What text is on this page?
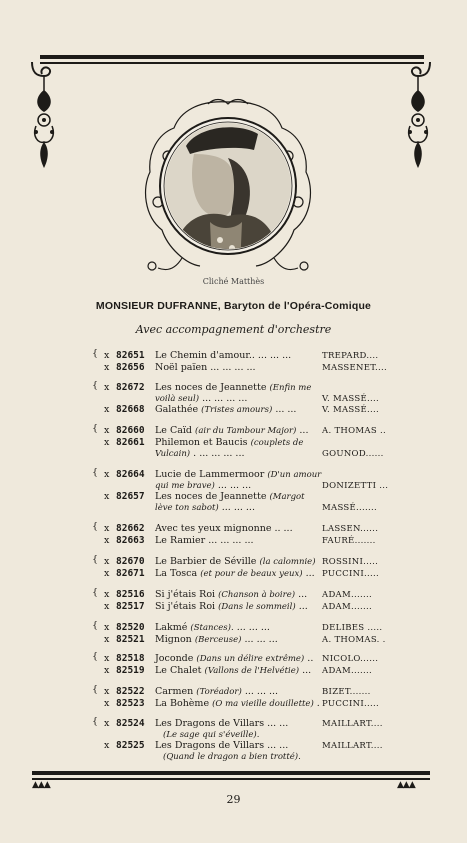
Cliché Matthès
MONSIEUR DUFRANNE, Baryton de l'Opéra-Comique
Avec accompagnement d'orchestre
{ x 82651 Le Chemin d'amour.. ... ... ...	TREPARD....
x 82656 Noël païen ... ... ... ...	MASSENET....
{ x 82672 Les noces de Jeannette (Enfin me
voilà seul) ... ... ... ...	V. MASSÉ....
x 82668 Galathée (Tristes amours) ... ...	V. MASSÉ....
{ x 82660 Le Caïd (air du Tambour Major) ...	A. THOMAS ..
x 82661 Philemon et Baucis (couplets de
Vulcain) . ... ... ... ...	GOUNOD......
{ x 82664 Lucie de Lammermoor (D'un amour
qui me brave) ... ... ...	DONIZETTI ...
x 82657 Les noces de Jeannette (Margot
lève ton sabot) ... ... ...	MASSÉ.......
{ x 82662 Avec tes yeux mignonne .. ...	LASSEN......
x 82663 Le Ramier ... ... ... ...	FAURÉ.......
{ x 82670 Le Barbier de Séville (la calomnie) ROSSINI.....
x 82671 La Tosca (et pour de beaux yeux) ... PUCCINI.....
{ x 82516 Si j'étais Roi (Chanson à boire) ...	ADAM.......
x 82517 Si j'étais Roi (Dans le sommeil) ...	ADAM.......
{ x 82520 Lakmé (Stances). ... ... ...	DELIBES .....
x 82521 Mignon (Berceuse) ... ... ...	A. THOMAS. .
{ x 82518 Joconde (Dans un délire extrême) .. NICOLO......
x 82519 Le Chalet (Vallons de l'Helvétie) ...	ADAM.......
{ x 82522 Carmen (Toréador) ... ... ...	BIZET.......
x 82523 La Bohème (O ma vieille douillette) . PUCCINI.....
{ x 82524 Les Dragons de Villars ... ...	MAILLART....
(Le sage qui s'éveille).
x 82525 Les Dragons de Villars ... ...	MAILLART....
(Quand le dragon a bien trotté).
▲▲▲	▲▲▲
29
